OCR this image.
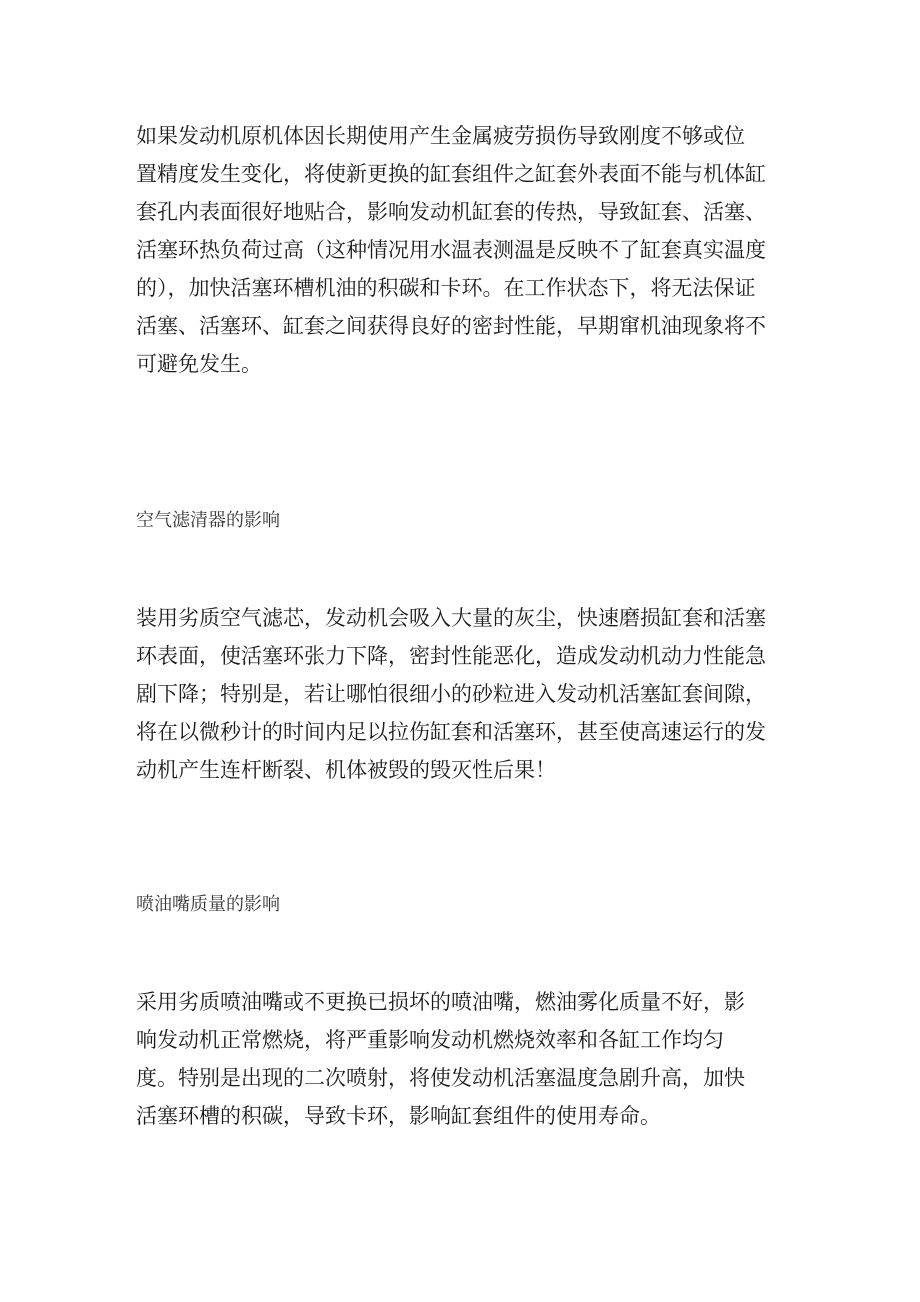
如果发动机原机体因长期使用产生金属疲劳损伤导致刚度不够或位
置精度发生变化，将使新更换的缸套组件之缸套外表面不能与机体缸
套孔内表面很好地贴合，影响发动机缸套的传热，导致缸套、活塞、
活塞环热负荷过高（这种情况用水温表测温是反映不了缸套真实温度
的），加快活塞环槽机油的积碳和卡环。在工作状态下，将无法保证
活塞、活塞环、缸套之间获得良好的密封性能，早期窜机油现象将不
可避免发生。
空气滤清器的影响
装用劣质空气滤芯，发动机会吸入大量的灰尘，快速磨损缸套和活塞
环表面，使活塞环张力下降，密封性能恶化，造成发动机动力性能急
剧下降；特别是，若让哪怕很细小的砂粒进入发动机活塞缸套间隙，
将在以微秒计的时间内足以拉伤缸套和活塞环，甚至使高速运行的发
动机产生连杆断裂、机体被毁的毁灭性后果！
喷油嘴质量的影响
采用劣质喷油嘴或不更换已损坏的喷油嘴，燃油雾化质量不好，影
响发动机正常燃烧，将严重影响发动机燃烧效率和各缸工作均匀
度。特别是出现的二次喷射，将使发动机活塞温度急剧升高，加快
活塞环槽的积碳，导致卡环，影响缸套组件的使用寿命。
